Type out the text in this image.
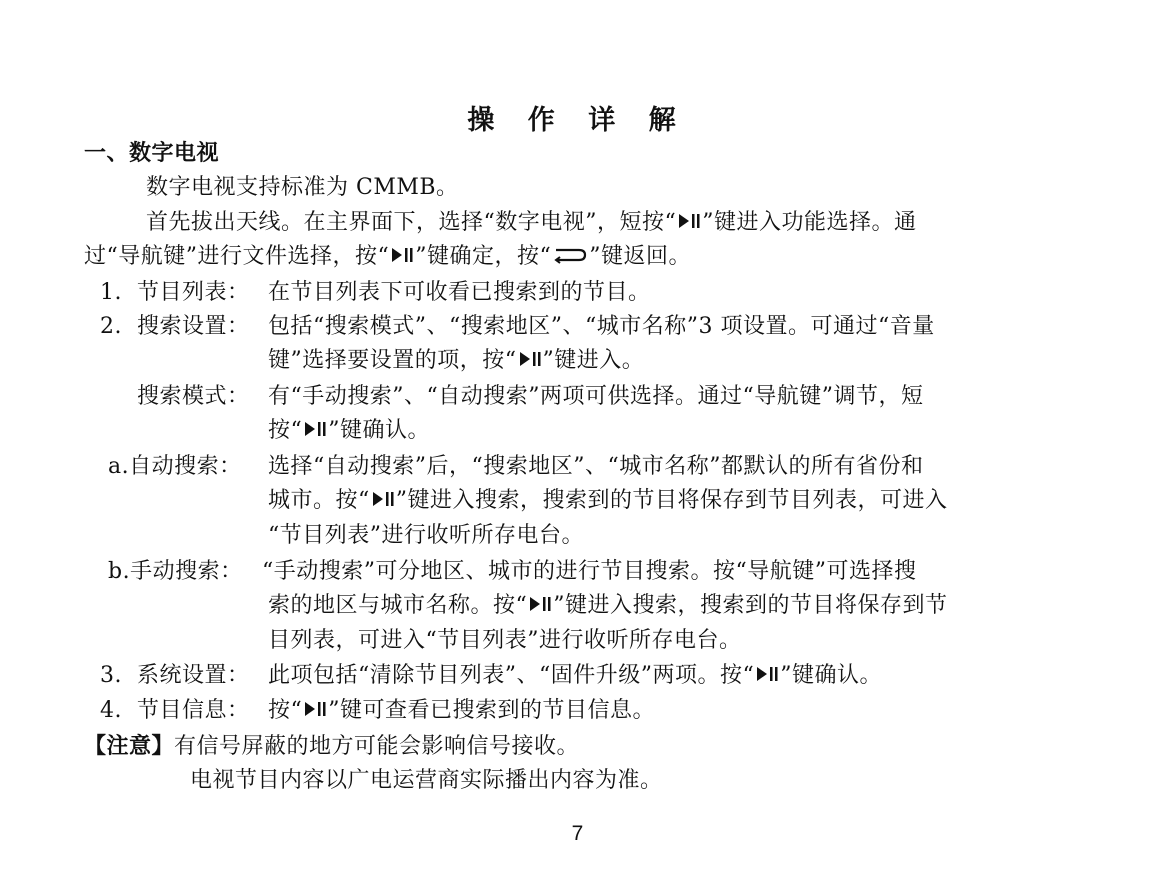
操 作 详 解
一、数字电视
数字电视支持标准为 CMMB。
首先拔出天线。在主界面下，选择“数字电视”，短按“ ”键进入功能选择。通
过“导航键”进行文件选择，按“ ”键确定，按“ ”键返回。
1. 节目列表： 在节目列表下可收看已搜索到的节目。
2. 搜索设置： 包括“搜索模式”、“搜索地区”、“城市名称”3 项设置。可通过“音量
键”选择要设置的项，按“ ”键进入。
搜索模式： 有“手动搜索”、“自动搜索”两项可供选择。通过“导航键”调节，短
按“ ”键确认。
a.自动搜索： 选择“自动搜索”后，“搜索地区”、“城市名称”都默认的所有省份和
城市。按“ ”键进入搜索，搜索到的节目将保存到节目列表，可进入
“节目列表”进行收听所存电台。
b.手动搜索： “手动搜索”可分地区、城市的进行节目搜索。按“导航键”可选择搜
索的地区与城市名称。按“ ”键进入搜索，搜索到的节目将保存到节
目列表，可进入“节目列表”进行收听所存电台。
3. 系统设置： 此项包括“清除节目列表”、“固件升级”两项。按“ ”键确认。
4. 节目信息： 按“ ”键可查看已搜索到的节目信息。
【注意】有信号屏蔽的地方可能会影响信号接收。
电视节目内容以广电运营商实际播出内容为准。
7
